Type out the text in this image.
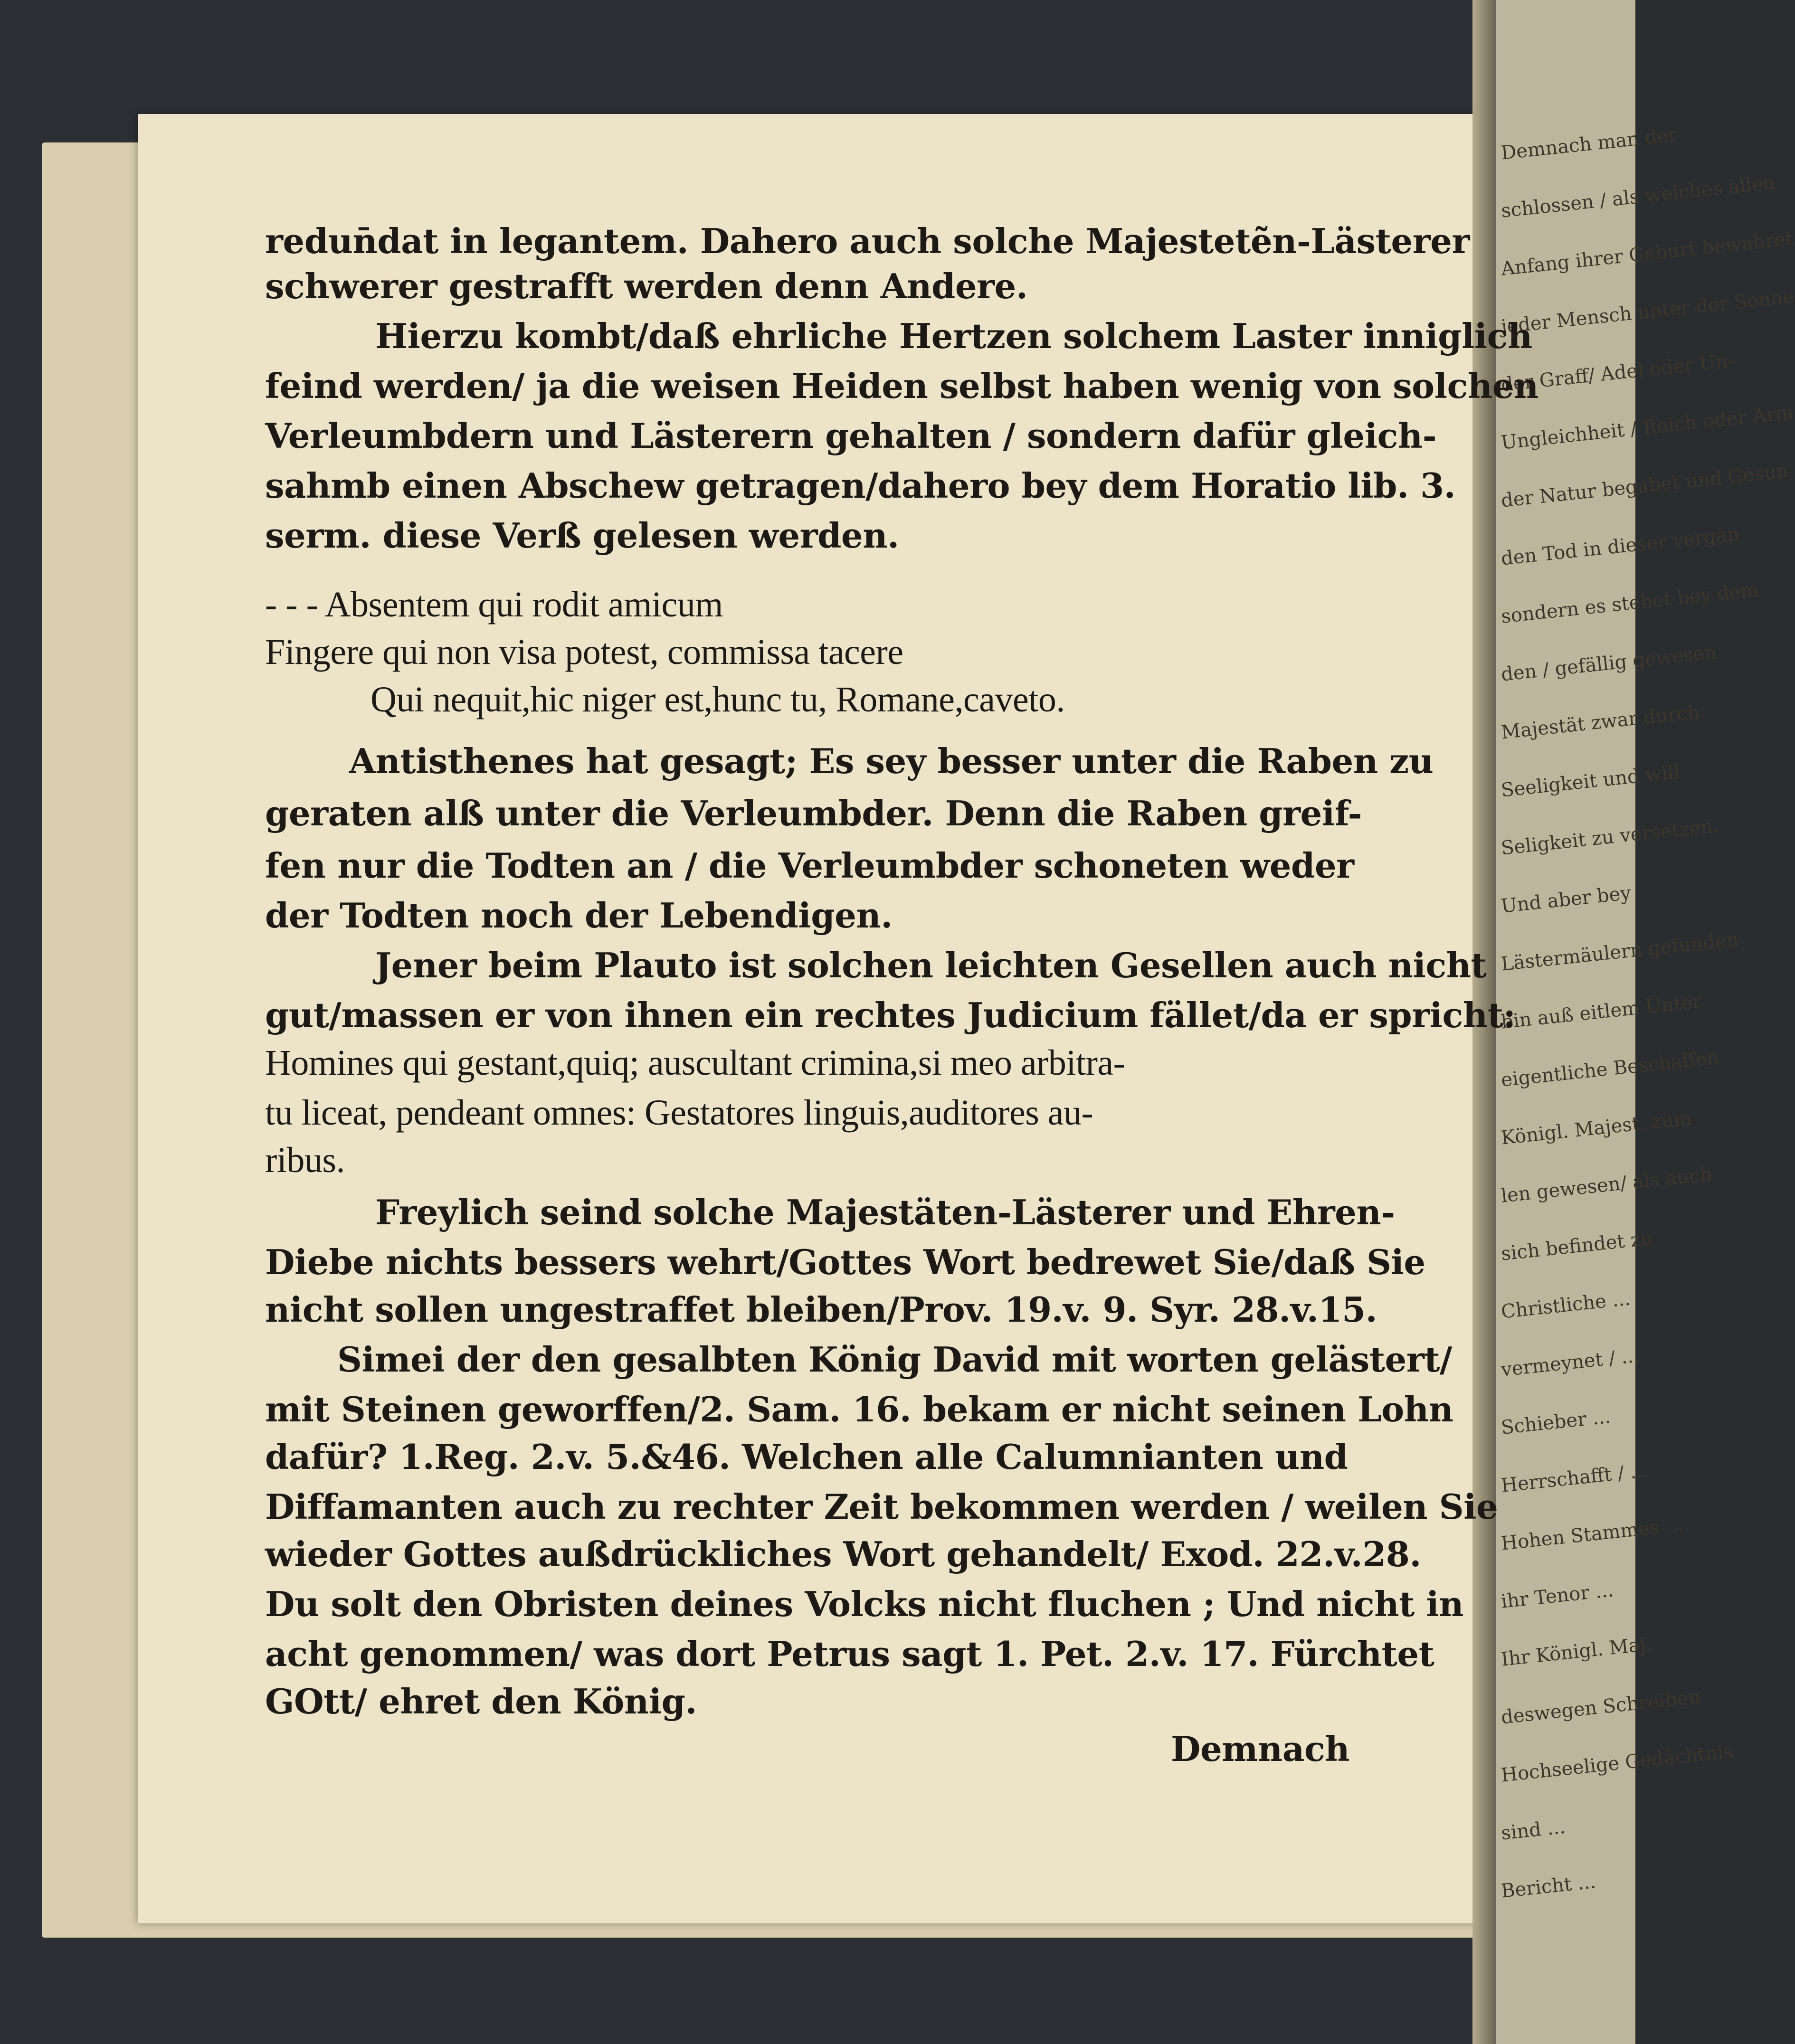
Demnach man der
schlossen / als welches allen
Anfang ihrer Geburt bewahret
jeder Mensch unter der Sonne
der Graff/ Adel oder Un-
Ungleichheit / Reich oder Arm
der Natur begabet und Gesun
den Tod in dieser vergän
sondern es stehet bey dem
den / gefällig gewesen
Majestät zwar durch
Seeligkeit und will
Seligkeit zu versetzen.
Und aber bey
Lästermäulern gefunden
bin auß eitlem Unter
eigentliche Beschaffen
Königl. Majest. zum
len gewesen/ als auch
sich befindet zu
Christliche ...
vermeynet / ...
Schieber ...
Herrschafft / ...
Hohen Stammes ...
ihr Tenor ...
Ihr Königl. Maj.
deswegen Schreiben
Hochseelige Gedächtnis
sind ...
Bericht ...
redun̄dat in legantem. Dahero auch solche Majestetẽn-Lästerer
schwerer gestrafft werden denn Andere.
Hierzu kombt/daß ehrliche Hertzen solchem Laster inniglich
feind werden/ ja die weisen Heiden selbst haben wenig von solchen
Verleumbdern und Lästerern gehalten / sondern dafür gleich-
sahmb einen Abschew getragen/dahero bey dem Horatio lib. 3.
serm. diese Verß gelesen werden.
- - - Absentem qui rodit amicum
Fingere qui non visa potest, commissa tacere
Qui nequit,hic niger est,hunc tu, Romane,caveto.
Antisthenes hat gesagt; Es sey besser unter die Raben zu
geraten alß unter die Verleumbder. Denn die Raben greif-
fen nur die Todten an / die Verleumbder schoneten weder
der Todten noch der Lebendigen.
Jener beim Plauto ist solchen leichten Gesellen auch nicht
gut/massen er von ihnen ein rechtes Judicium fället/da er spricht:
Homines qui gestant,quiq; auscultant crimina,si meo arbitra-
tu liceat, pendeant omnes: Gestatores linguis,auditores au-
ribus.
Freylich seind solche Majestäten-Lästerer und Ehren-
Diebe nichts bessers wehrt/Gottes Wort bedrewet Sie/daß Sie
nicht sollen ungestraffet bleiben/Prov. 19.v. 9. Syr. 28.v.15.
Simei der den gesalbten König David mit worten gelästert/
mit Steinen geworffen/2. Sam. 16. bekam er nicht seinen Lohn
dafür? 1.Reg. 2.v. 5.&46. Welchen alle Calumnianten und
Diffamanten auch zu rechter Zeit bekommen werden / weilen Sie
wieder Gottes außdrückliches Wort gehandelt/ Exod. 22.v.28.
Du solt den Obristen deines Volcks nicht fluchen ; Und nicht in
acht genommen/ was dort Petrus sagt 1. Pet. 2.v. 17. Fürchtet
GOtt/ ehret den König.
Demnach
